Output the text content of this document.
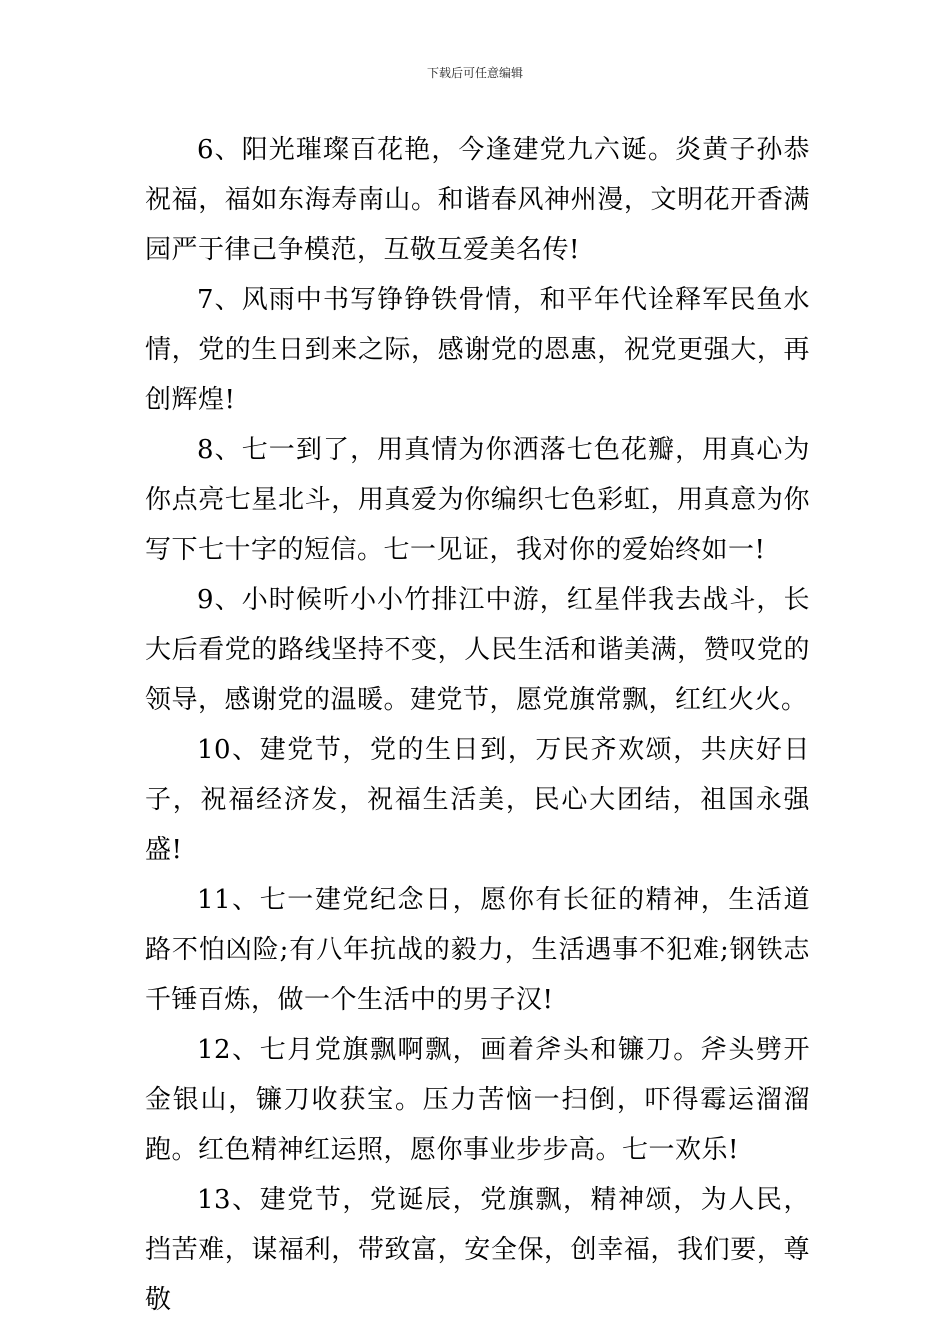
下载后可任意编辑

6、阳光璀璨百花艳，今逢建党九六诞。炎黄子孙恭祝福，福如东海寿南山。和谐春风神州漫，文明花开香满园严于律己争模范，互敬互爱美名传!

7、风雨中书写铮铮铁骨情，和平年代诠释军民鱼水情，党的生日到来之际，感谢党的恩惠，祝党更强大，再创辉煌!

8、七一到了，用真情为你洒落七色花瓣，用真心为你点亮七星北斗，用真爱为你编织七色彩虹，用真意为你写下七十字的短信。七一见证，我对你的爱始终如一!

9、小时候听小小竹排江中游，红星伴我去战斗，长大后看党的路线坚持不变，人民生活和谐美满，赞叹党的领导，感谢党的温暖。建党节，愿党旗常飘，红红火火。

10、建党节，党的生日到，万民齐欢颂，共庆好日子，祝福经济发，祝福生活美，民心大团结，祖国永强盛!

11、七一建党纪念日，愿你有长征的精神，生活道路不怕凶险;有八年抗战的毅力，生活遇事不犯难;钢铁志千锤百炼，做一个生活中的男子汉!

12、七月党旗飘啊飘，画着斧头和镰刀。斧头劈开金银山，镰刀收获宝。压力苦恼一扫倒，吓得霉运溜溜跑。红色精神红运照，愿你事业步步高。七一欢乐!

13、建党节，党诞辰，党旗飘，精神颂，为人民，挡苦难，谋福利，带致富，安全保，创幸福，我们要，尊敬
